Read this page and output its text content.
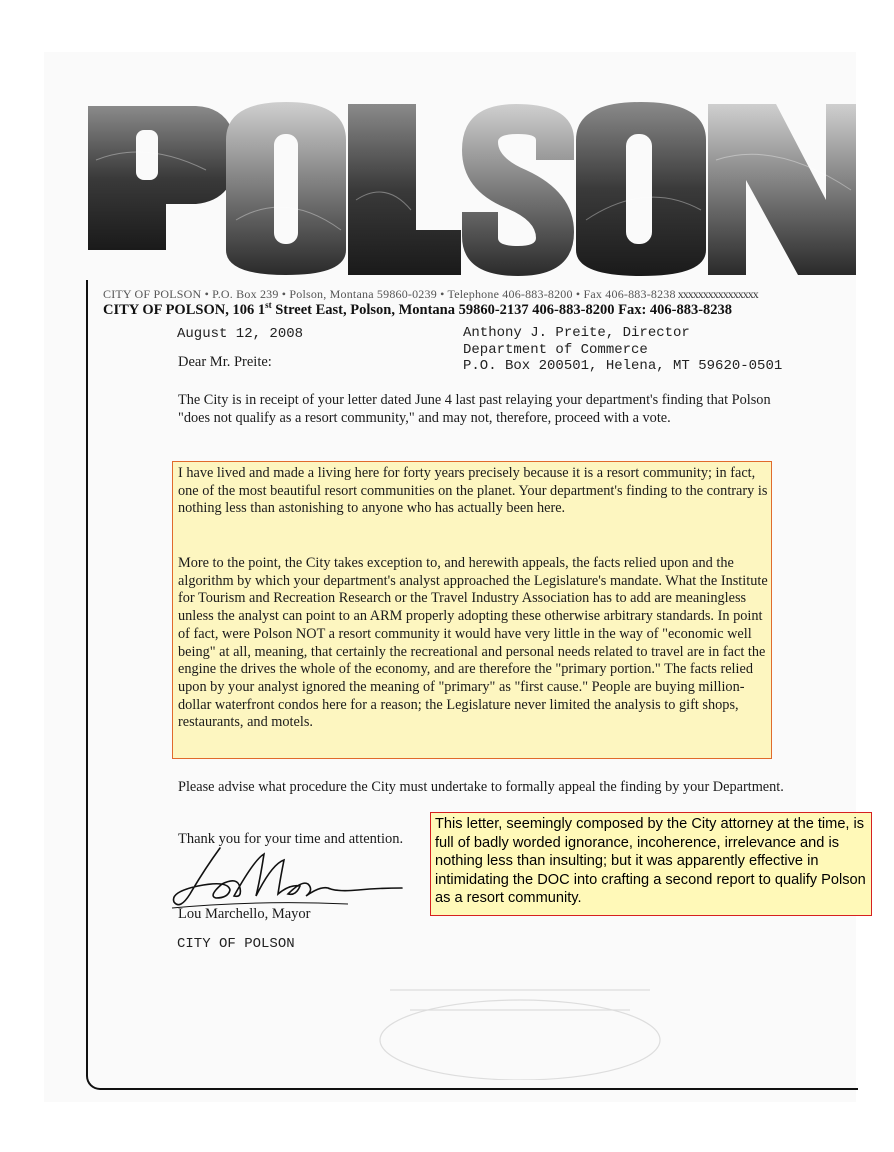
CITY OF POLSON • P.O. Box 239 • Polson, Montana 59860-0239 • Telephone 406-883-8200 • Fax 406-883-8238 xxxxxxxxxxxxxxxx
CITY OF POLSON, 106 1st Street East, Polson, Montana 59860-2137 406-883-8200 Fax: 406-883-8238
August 12, 2008	Anthony J. Preite, Director
Department of Commerce
P.O. Box 200501, Helena, MT 59620-0501
Dear Mr. Preite:
The City is in receipt of your letter dated June 4 last past relaying your department's finding that Polson "does not qualify as a resort community," and may not, therefore, proceed with a vote.
I have lived and made a living here for forty years precisely because it is a resort community; in fact, one of the most beautiful resort communities on the planet. Your department's finding to the contrary is nothing less than astonishing to anyone who has actually been here.
More to the point, the City takes exception to, and herewith appeals, the facts relied upon and the algorithm by which your department's analyst approached the Legislature's mandate. What the Institute for Tourism and Recreation Research or the Travel Industry Association has to add are meaningless unless the analyst can point to an ARM properly adopting these otherwise arbitrary standards. In point of fact, were Polson NOT a resort community it would have very little in the way of "economic well being" at all, meaning, that certainly the recreational and personal needs related to travel are in fact the engine the drives the whole of the economy, and are therefore the "primary portion." The facts relied upon by your analyst ignored the meaning of "primary" as "first cause." People are buying million-dollar waterfront condos here for a reason; the Legislature never limited the analysis to gift shops, restaurants, and motels.
Please advise what procedure the City must undertake to formally appeal the finding by your Department.
Thank you for your time and attention.
Lou Marchello, Mayor
CITY OF POLSON
This letter, seemingly composed by the City attorney at the time, is full of badly worded ignorance, incoherence, irrelevance and is nothing less than insulting; but it was apparently effective in intimidating the DOC into crafting a second report to qualify Polson as a resort community.
